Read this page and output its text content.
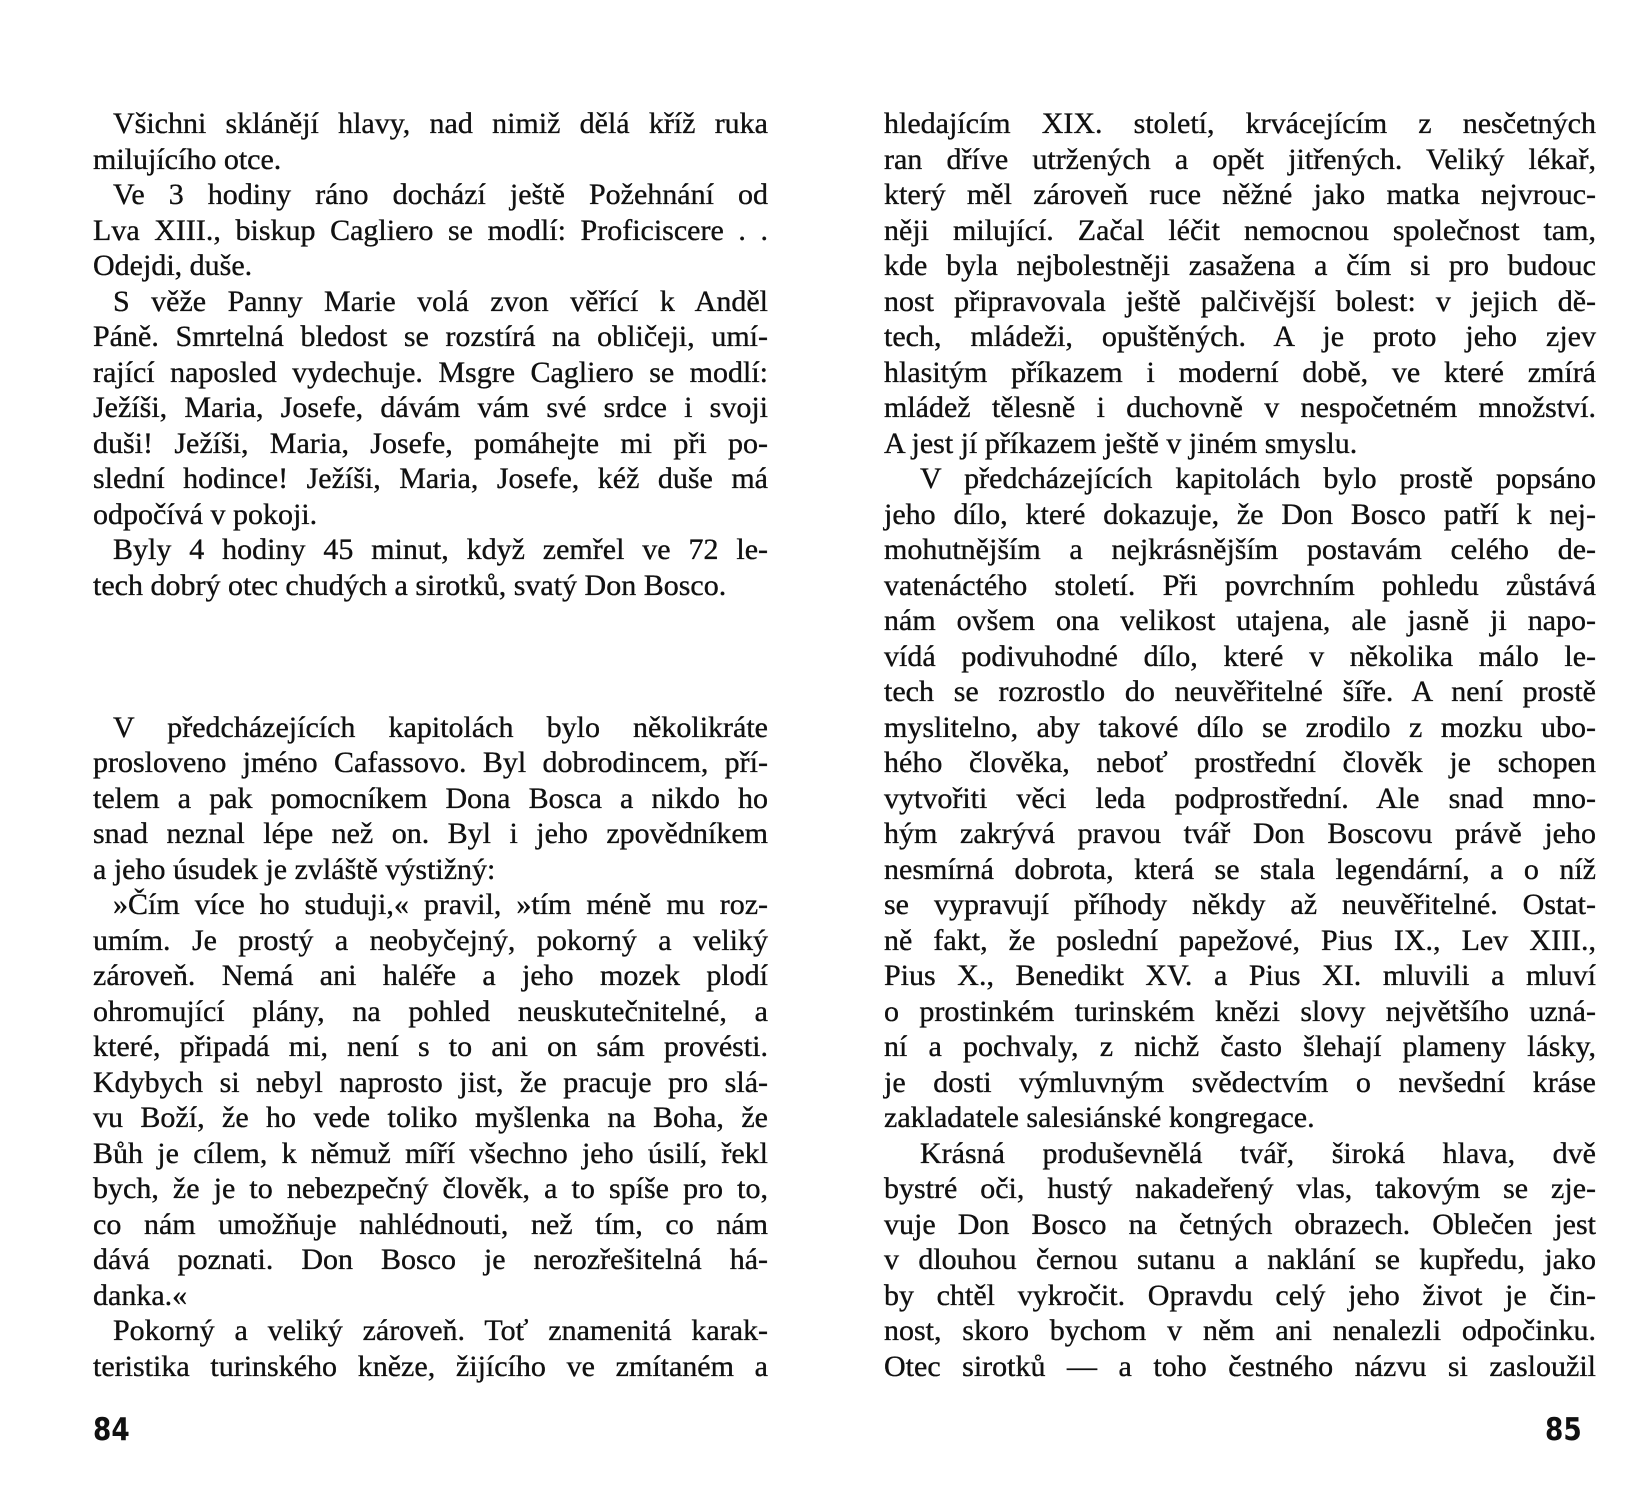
Všichni sklánějí hlavy, nad nimiž dělá kříž ruka
milujícího otce.
Ve 3 hodiny ráno dochází ještě Požehnání od
Lva XIII., biskup Cagliero se modlí: Proficiscere . .
Odejdi, duše.
S věže Panny Marie volá zvon věřící k Anděl
Páně. Smrtelná bledost se rozstírá na obličeji, umí-
rající naposled vydechuje. Msgre Cagliero se modlí:
Ježíši, Maria, Josefe, dávám vám své srdce i svoji
duši! Ježíši, Maria, Josefe, pomáhejte mi při po-
slední hodince! Ježíši, Maria, Josefe, kéž duše má
odpočívá v pokoji.
Byly 4 hodiny 45 minut, když zemřel ve 72 le-
tech dobrý otec chudých a sirotků, svatý Don Bosco.
V předcházejících kapitolách bylo několikráte
prosloveno jméno Cafassovo. Byl dobrodincem, pří-
telem a pak pomocníkem Dona Bosca a nikdo ho
snad neznal lépe než on. Byl i jeho zpovědníkem
a jeho úsudek je zvláště výstižný:
»Čím více ho studuji,« pravil, »tím méně mu roz-
umím. Je prostý a neobyčejný, pokorný a veliký
zároveň. Nemá ani haléře a jeho mozek plodí
ohromující plány, na pohled neuskutečnitelné, a
které, připadá mi, není s to ani on sám provésti.
Kdybych si nebyl naprosto jist, že pracuje pro slá-
vu Boží, že ho vede toliko myšlenka na Boha, že
Bůh je cílem, k němuž míří všechno jeho úsilí, řekl
bych, že je to nebezpečný člověk, a to spíše pro to,
co nám umožňuje nahlédnouti, než tím, co nám
dává poznati. Don Bosco je nerozřešitelná há-
danka.«
Pokorný a veliký zároveň. Toť znamenitá karak-
teristika turinského kněze, žijícího ve zmítaném a
84
hledajícím XIX. století, krvácejícím z nesčetných
ran dříve utržených a opět jitřených. Veliký lékař,
který měl zároveň ruce něžné jako matka nejvrouc-
něji milující. Začal léčit nemocnou společnost tam,
kde byla nejbolestněji zasažena a čím si pro budouc
nost připravovala ještě palčivější bolest: v jejich dě-
tech, mládeži, opuštěných. A je proto jeho zjev
hlasitým příkazem i moderní době, ve které zmírá
mládež tělesně i duchovně v nespočetném množství.
A jest jí příkazem ještě v jiném smyslu.
V předcházejících kapitolách bylo prostě popsáno
jeho dílo, které dokazuje, že Don Bosco patří k nej-
mohutnějším a nejkrásnějším postavám celého de-
vatenáctého století. Při povrchním pohledu zůstává
nám ovšem ona velikost utajena, ale jasně ji napo-
vídá podivuhodné dílo, které v několika málo le-
tech se rozrostlo do neuvěřitelné šíře. A není prostě
myslitelno, aby takové dílo se zrodilo z mozku ubo-
hého člověka, neboť prostřední člověk je schopen
vytvořiti věci leda podprostřední. Ale snad mno-
hým zakrývá pravou tvář Don Boscovu právě jeho
nesmírná dobrota, která se stala legendární, a o níž
se vypravují příhody někdy až neuvěřitelné. Ostat-
ně fakt, že poslední papežové, Pius IX., Lev XIII.,
Pius X., Benedikt XV. a Pius XI. mluvili a mluví
o prostinkém turinském knězi slovy největšího uzná-
ní a pochvaly, z nichž často šlehají plameny lásky,
je dosti výmluvným svědectvím o nevšední kráse
zakladatele salesiánské kongregace.
Krásná produševnělá tvář, široká hlava, dvě
bystré oči, hustý nakadeřený vlas, takovým se zje-
vuje Don Bosco na četných obrazech. Oblečen jest
v dlouhou černou sutanu a naklání se kupředu, jako
by chtěl vykročit. Opravdu celý jeho život je čin-
nost, skoro bychom v něm ani nenalezli odpočinku.
Otec sirotků — a toho čestného názvu si zasloužil
85
